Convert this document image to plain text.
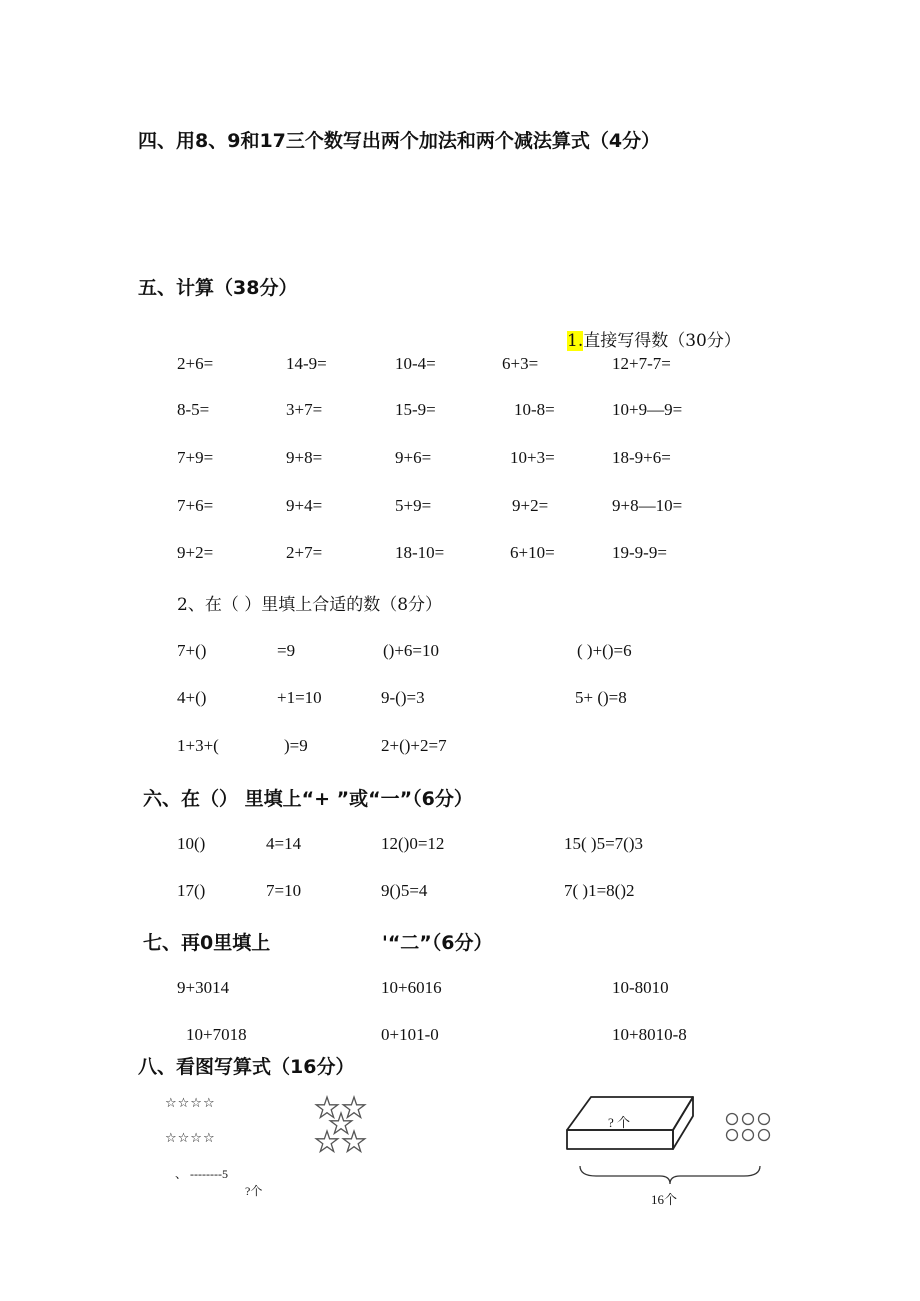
四、用8、9和17三个数写出两个加法和两个减法算式（4分）
五、计算（38分）
1.直接写得数（30分）
2+6=	14-9=	10-4=	6+3=	12+7-7=
8-5=	3+7=	15-9=	10-8=	10+9—9=
7+9=	9+8=	9+6=	10+3=	18-9+6=
7+6=	9+4=	5+9=	9+2=	9+8—10=
9+2=	2+7=	18-10=	6+10=	19-9-9=
2、在（ ）里填上合适的数（8分）
7+()	=9	()+6=10	( )+()=6
4+()	+1=10	9-()=3	5+ ()=8
1+3+(	)=9	2+()+2=7
六、在（） 里填上“+ ”或“一”（6分）
10()	4=14	12()0=12	15( )5=7()3
17()	7=10	9()5=4	7( )1=8()2
七、再0里填上	'“二”（6分）
9+3014	10+6016	10-8010
10+7018	0+101-0	10+8010-8
八、看图写算式（16分）
☆☆☆☆
☆☆☆☆
、 --------5
?个
? 个
16个
